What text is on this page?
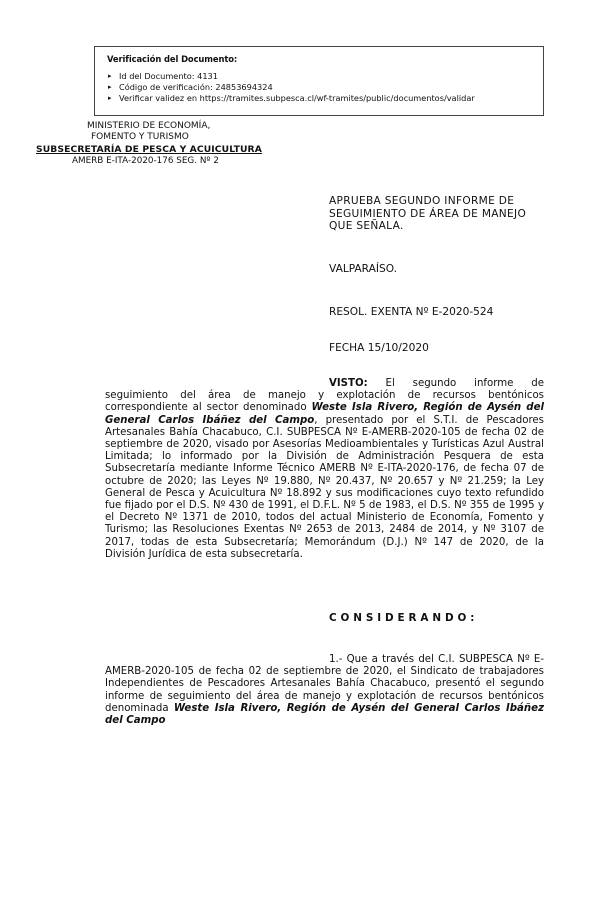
Verificación del Documento:

▸ Id del Documento: 4131
▸ Código de verificación: 24853694324
▸ Verificar validez en https://tramites.subpesca.cl/wf-tramites/public/documentos/validar
MINISTERIO DE ECONOMÍA,
FOMENTO Y TURISMO
SUBSECRETARÍA DE PESCA Y ACUICULTURA
AMERB E-ITA-2020-176 SEG. Nº 2
APRUEBA SEGUNDO INFORME DE
SEGUIMIENTO DE ÁREA DE MANEJO
QUE SEÑALA.
VALPARAÍSO.
RESOL. EXENTA Nº E-2020-524
FECHA 15/10/2020

VISTO: El segundo informe de seguimiento del área de manejo y explotación de recursos bentónicos correspondiente al sector denominado Weste Isla Rivero, Región de Aysén del General Carlos Ibáñez del Campo, presentado por el S.T.I. de Pescadores Artesanales Bahía Chacabuco, C.I. SUBPESCA Nº E-AMERB-2020-105 de fecha 02 de septiembre de 2020, visado por Asesorías Medioambientales y Turísticas Azul Austral Limitada; lo informado por la División de Administración Pesquera de esta Subsecretaría mediante Informe Técnico AMERB Nº E-ITA-2020-176, de fecha 07 de octubre de 2020; las Leyes Nº 19.880, Nº 20.437, Nº 20.657 y Nº 21.259; la Ley General de Pesca y Acuicultura Nº 18.892 y sus modificaciones cuyo texto refundido fue fijado por el D.S. Nº 430 de 1991, el D.F.L. Nº 5 de 1983, el D.S. Nº 355 de 1995 y el Decreto Nº 1371 de 2010, todos del actual Ministerio de Economía, Fomento y Turismo; las Resoluciones Exentas Nº 2653 de 2013, 2484 de 2014, y Nº 3107 de 2017, todas de esta Subsecretaría; Memorándum (D.J.) Nº 147 de 2020, de la División Jurídica de esta subsecretaría.

CONSIDERANDO:

1.- Que a través del C.I. SUBPESCA Nº E-AMERB-2020-105 de fecha 02 de septiembre de 2020, el Sindicato de trabajadores Independientes de Pescadores Artesanales Bahía Chacabuco, presentó el segundo informe de seguimiento del área de manejo y explotación de recursos bentónicos denominada Weste Isla Rivero, Región de Aysén del General Carlos Ibáñez del Campo
